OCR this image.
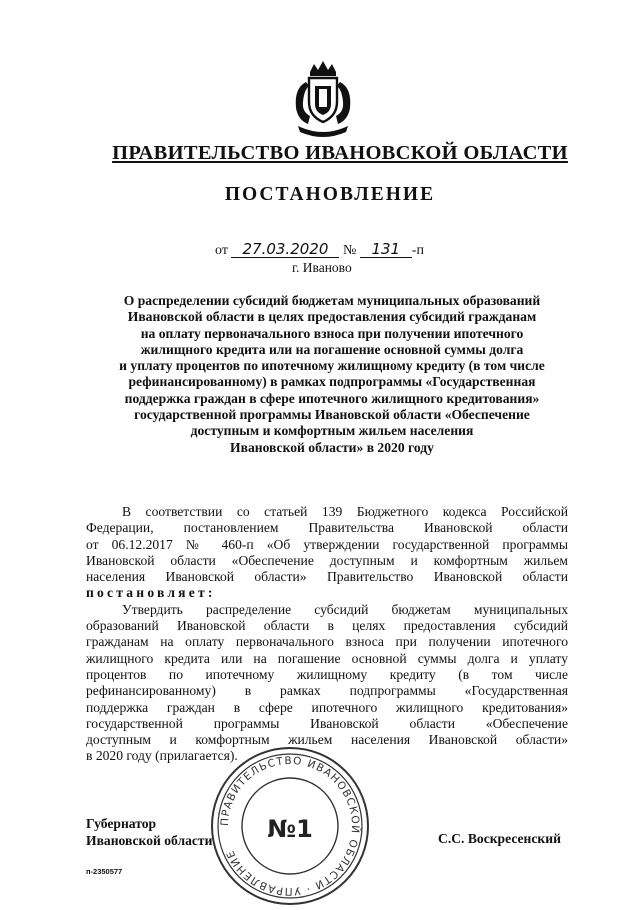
ПРАВИТЕЛЬСТВО ИВАНОВСКОЙ ОБЛАСТИ
ПОСТАНОВЛЕНИЕ
от 27.03.2020 № 131 -п
г. Иваново
О распределении субсидий бюджетам муниципальных образований
Ивановской области в целях предоставления субсидий гражданам
на оплату первоначального взноса при получении ипотечного
жилищного кредита или на погашение основной суммы долга
и уплату процентов по ипотечному жилищному кредиту (в том числе
рефинансированному) в рамках подпрограммы «Государственная
поддержка граждан в сфере ипотечного жилищного кредитования»
государственной программы Ивановской области «Обеспечение
доступным и комфортным жильем населения
Ивановской области» в 2020 году
В соответствии со статьей 139 Бюджетного кодекса Российской
Федерации, постановлением Правительства Ивановской области
от 06.12.2017 № 460-п «Об утверждении государственной программы
Ивановской области «Обеспечение доступным и комфортным жильем
населения Ивановской области» Правительство Ивановской области
постановляет:
Утвердить распределение субсидий бюджетам муниципальных
образований Ивановской области в целях предоставления субсидий
гражданам на оплату первоначального взноса при получении ипотечного
жилищного кредита или на погашение основной суммы долга и уплату
процентов по ипотечному жилищному кредиту (в том числе
рефинансированному) в рамках подпрограммы «Государственная
поддержка граждан в сфере ипотечного жилищного кредитования»
государственной программы Ивановской области «Обеспечение
доступным и комфортным жильем населения Ивановской области»
в 2020 году (прилагается).
Губернатор
Ивановской области	С.С. Воскресенский
п-2350577
ПРАВИТЕЛЬСТВО ИВАНОВСКОЙ ОБЛАСТИ · УПРАВЛЕНИЕ
№1
